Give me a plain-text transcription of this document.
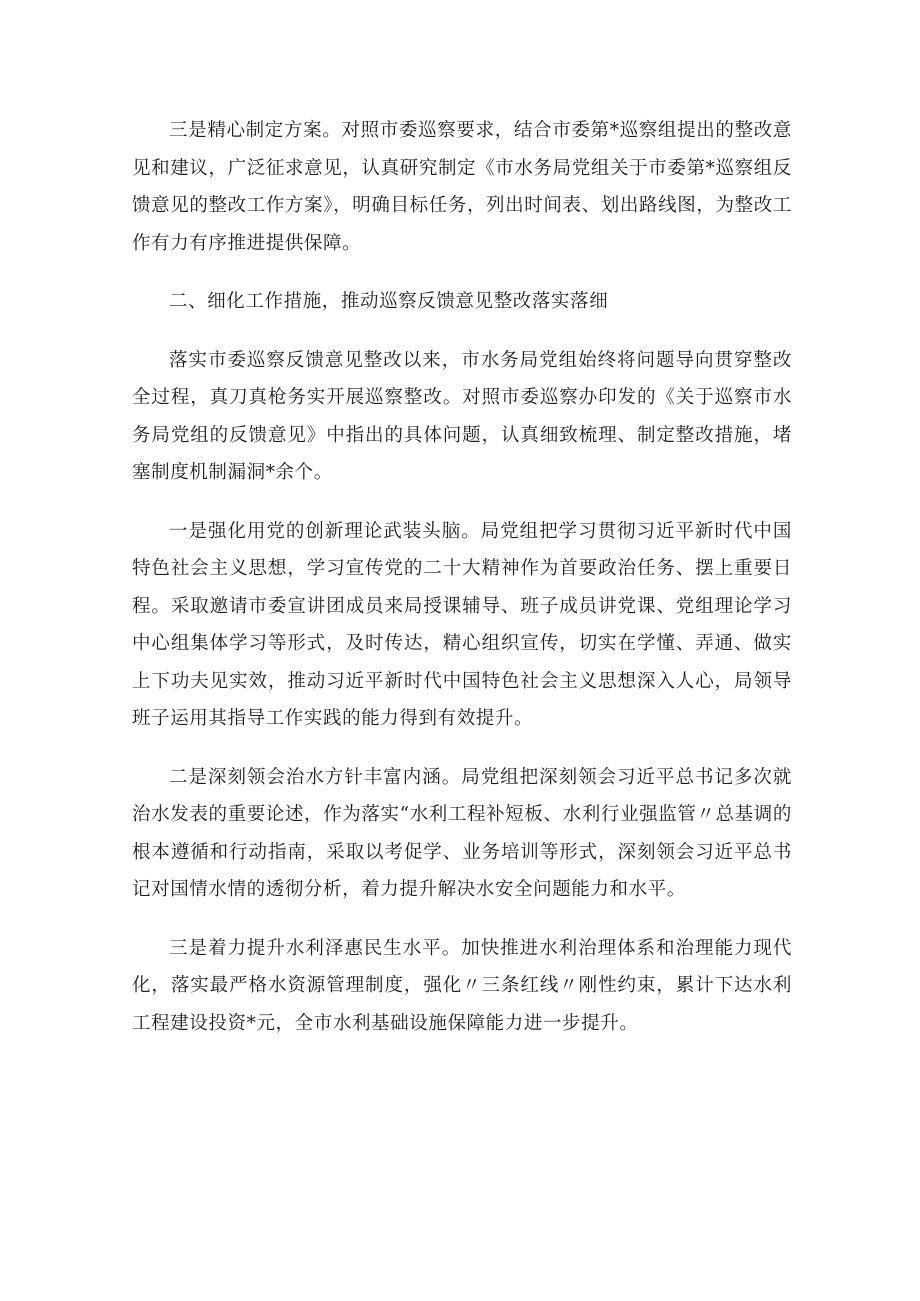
三是精心制定方案。对照市委巡察要求，结合市委第*巡察组提出的整改意见和建议，广泛征求意见，认真研究制定《市水务局党组关于市委第*巡察组反馈意见的整改工作方案》，明确目标任务，列出时间表、划出路线图，为整改工作有力有序推进提供保障。

二、细化工作措施，推动巡察反馈意见整改落实落细

落实市委巡察反馈意见整改以来，市水务局党组始终将问题导向贯穿整改全过程，真刀真枪务实开展巡察整改。对照市委巡察办印发的《关于巡察市水务局党组的反馈意见》中指出的具体问题，认真细致梳理、制定整改措施，堵塞制度机制漏洞*余个。

一是强化用党的创新理论武装头脑。局党组把学习贯彻习近平新时代中国特色社会主义思想，学习宣传党的二十大精神作为首要政治任务、摆上重要日程。采取邀请市委宣讲团成员来局授课辅导、班子成员讲党课、党组理论学习中心组集体学习等形式，及时传达，精心组织宣传，切实在学懂、弄通、做实上下功夫见实效，推动习近平新时代中国特色社会主义思想深入人心，局领导班子运用其指导工作实践的能力得到有效提升。

二是深刻领会治水方针丰富内涵。局党组把深刻领会习近平总书记多次就治水发表的重要论述，作为落实“水利工程补短板、水利行业强监管〃总基调的根本遵循和行动指南，采取以考促学、业务培训等形式，深刻领会习近平总书记对国情水情的透彻分析，着力提升解决水安全问题能力和水平。

三是着力提升水利泽惠民生水平。加快推进水利治理体系和治理能力现代化，落实最严格水资源管理制度，强化〃三条红线〃刚性约束，累计下达水利工程建设投资*元，全市水利基础设施保障能力进一步提升。
